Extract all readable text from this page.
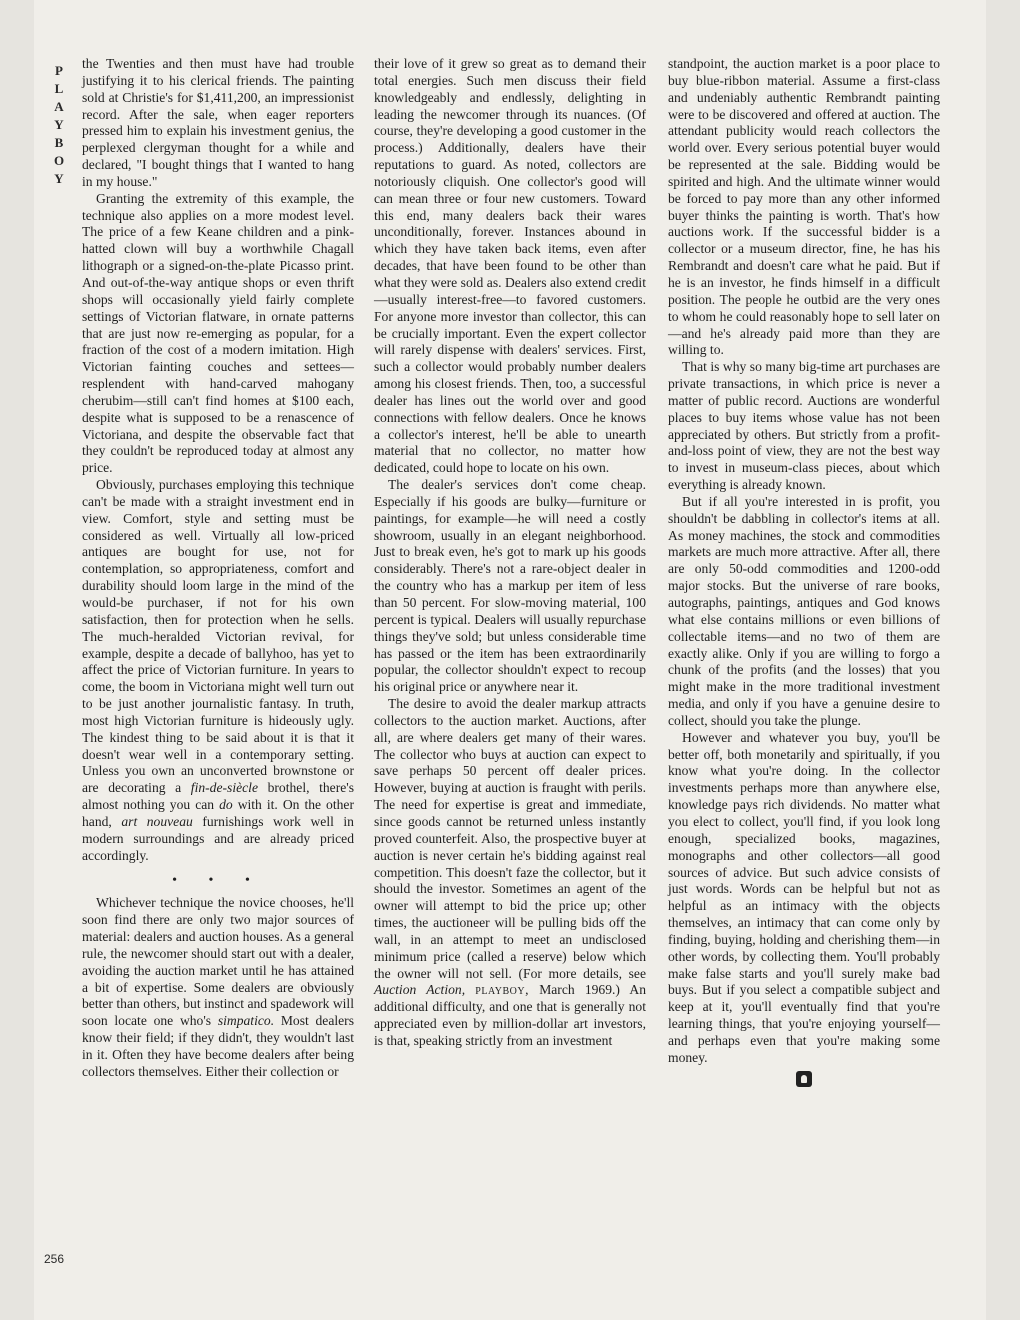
P
L
A
Y
B
O
Y

the Twenties and then must have had trouble justifying it to his clerical friends. The painting sold at Christie's for $1,411,200, an impressionist record. After the sale, when eager reporters pressed him to explain his investment genius, the perplexed clergyman thought for a while and declared, "I bought things that I wanted to hang in my house."

Granting the extremity of this example, the technique also applies on a more modest level. The price of a few Keane children and a pink-hatted clown will buy a worthwhile Chagall lithograph or a signed-on-the-plate Picasso print. And out-of-the-way antique shops or even thrift shops will occasionally yield fairly complete settings of Victorian flatware, in ornate patterns that are just now re-emerging as popular, for a fraction of the cost of a modern imitation. High Victorian fainting couches and settees—resplendent with hand-carved mahogany cherubim—still can't find homes at $100 each, despite what is supposed to be a renascence of Victoriana, and despite the observable fact that they couldn't be reproduced today at almost any price.

Obviously, purchases employing this technique can't be made with a straight investment end in view. Comfort, style and setting must be considered as well. Virtually all low-priced antiques are bought for use, not for contemplation, so appropriateness, comfort and durability should loom large in the mind of the would-be purchaser, if not for his own satisfaction, then for protection when he sells. The much-heralded Victorian revival, for example, despite a decade of ballyhoo, has yet to affect the price of Victorian furniture. In years to come, the boom in Victoriana might well turn out to be just another journalistic fantasy. In truth, most high Victorian furniture is hideously ugly. The kindest thing to be said about it is that it doesn't wear well in a contemporary setting. Unless you own an unconverted brownstone or are decorating a fin-de-siècle brothel, there's almost nothing you can do with it. On the other hand, art nouveau furnishings work well in modern surroundings and are already priced accordingly.

• • •

Whichever technique the novice chooses, he'll soon find there are only two major sources of material: dealers and auction houses. As a general rule, the newcomer should start out with a dealer, avoiding the auction market until he has attained a bit of expertise. Some dealers are obviously better than others, but instinct and spadework will soon locate one who's simpatico. Most dealers know their field; if they didn't, they wouldn't last in it. Often they have become dealers after being collectors themselves. Either their collection or

their love of it grew so great as to demand their total energies. Such men discuss their field knowledgeably and endlessly, delighting in leading the newcomer through its nuances. (Of course, they're developing a good customer in the process.) Additionally, dealers have their reputations to guard. As noted, collectors are notoriously cliquish. One collector's good will can mean three or four new customers. Toward this end, many dealers back their wares unconditionally, forever. Instances abound in which they have taken back items, even after decades, that have been found to be other than what they were sold as. Dealers also extend credit—usually interest-free—to favored customers. For anyone more investor than collector, this can be crucially important. Even the expert collector will rarely dispense with dealers' services. First, such a collector would probably number dealers among his closest friends. Then, too, a successful dealer has lines out the world over and good connections with fellow dealers. Once he knows a collector's interest, he'll be able to unearth material that no collector, no matter how dedicated, could hope to locate on his own.

The dealer's services don't come cheap. Especially if his goods are bulky—furniture or paintings, for example—he will need a costly showroom, usually in an elegant neighborhood. Just to break even, he's got to mark up his goods considerably. There's not a rare-object dealer in the country who has a markup per item of less than 50 percent. For slow-moving material, 100 percent is typical. Dealers will usually repurchase things they've sold; but unless considerable time has passed or the item has been extraordinarily popular, the collector shouldn't expect to recoup his original price or anywhere near it.

The desire to avoid the dealer markup attracts collectors to the auction market. Auctions, after all, are where dealers get many of their wares. The collector who buys at auction can expect to save perhaps 50 percent off dealer prices. However, buying at auction is fraught with perils. The need for expertise is great and immediate, since goods cannot be returned unless instantly proved counterfeit. Also, the prospective buyer at auction is never certain he's bidding against real competition. This doesn't faze the collector, but it should the investor. Sometimes an agent of the owner will attempt to bid the price up; other times, the auctioneer will be pulling bids off the wall, in an attempt to meet an undisclosed minimum price (called a reserve) below which the owner will not sell. (For more details, see Auction Action, playboy, March 1969.) An additional difficulty, and one that is generally not appreciated even by million-dollar art investors, is that, speaking strictly from an investment

standpoint, the auction market is a poor place to buy blue-ribbon material. Assume a first-class and undeniably authentic Rembrandt painting were to be discovered and offered at auction. The attendant publicity would reach collectors the world over. Every serious potential buyer would be represented at the sale. Bidding would be spirited and high. And the ultimate winner would be forced to pay more than any other informed buyer thinks the painting is worth. That's how auctions work. If the successful bidder is a collector or a museum director, fine, he has his Rembrandt and doesn't care what he paid. But if he is an investor, he finds himself in a difficult position. The people he outbid are the very ones to whom he could reasonably hope to sell later on—and he's already paid more than they are willing to.

That is why so many big-time art purchases are private transactions, in which price is never a matter of public record. Auctions are wonderful places to buy items whose value has not been appreciated by others. But strictly from a profit-and-loss point of view, they are not the best way to invest in museum-class pieces, about which everything is already known.

But if all you're interested in is profit, you shouldn't be dabbling in collector's items at all. As money machines, the stock and commodities markets are much more attractive. After all, there are only 50-odd commodities and 1200-odd major stocks. But the universe of rare books, autographs, paintings, antiques and God knows what else contains millions or even billions of collectable items—and no two of them are exactly alike. Only if you are willing to forgo a chunk of the profits (and the losses) that you might make in the more traditional investment media, and only if you have a genuine desire to collect, should you take the plunge.

However and whatever you buy, you'll be better off, both monetarily and spiritually, if you know what you're doing. In the collector investments perhaps more than anywhere else, knowledge pays rich dividends. No matter what you elect to collect, you'll find, if you look long enough, specialized books, magazines, monographs and other collectors—all good sources of advice. But such advice consists of just words. Words can be helpful but not as helpful as an intimacy with the objects themselves, an intimacy that can come only by finding, buying, holding and cherishing them—in other words, by collecting them. You'll probably make false starts and you'll surely make bad buys. But if you select a compatible subject and keep at it, you'll eventually find that you're learning things, that you're enjoying yourself—and perhaps even that you're making some money.

256
